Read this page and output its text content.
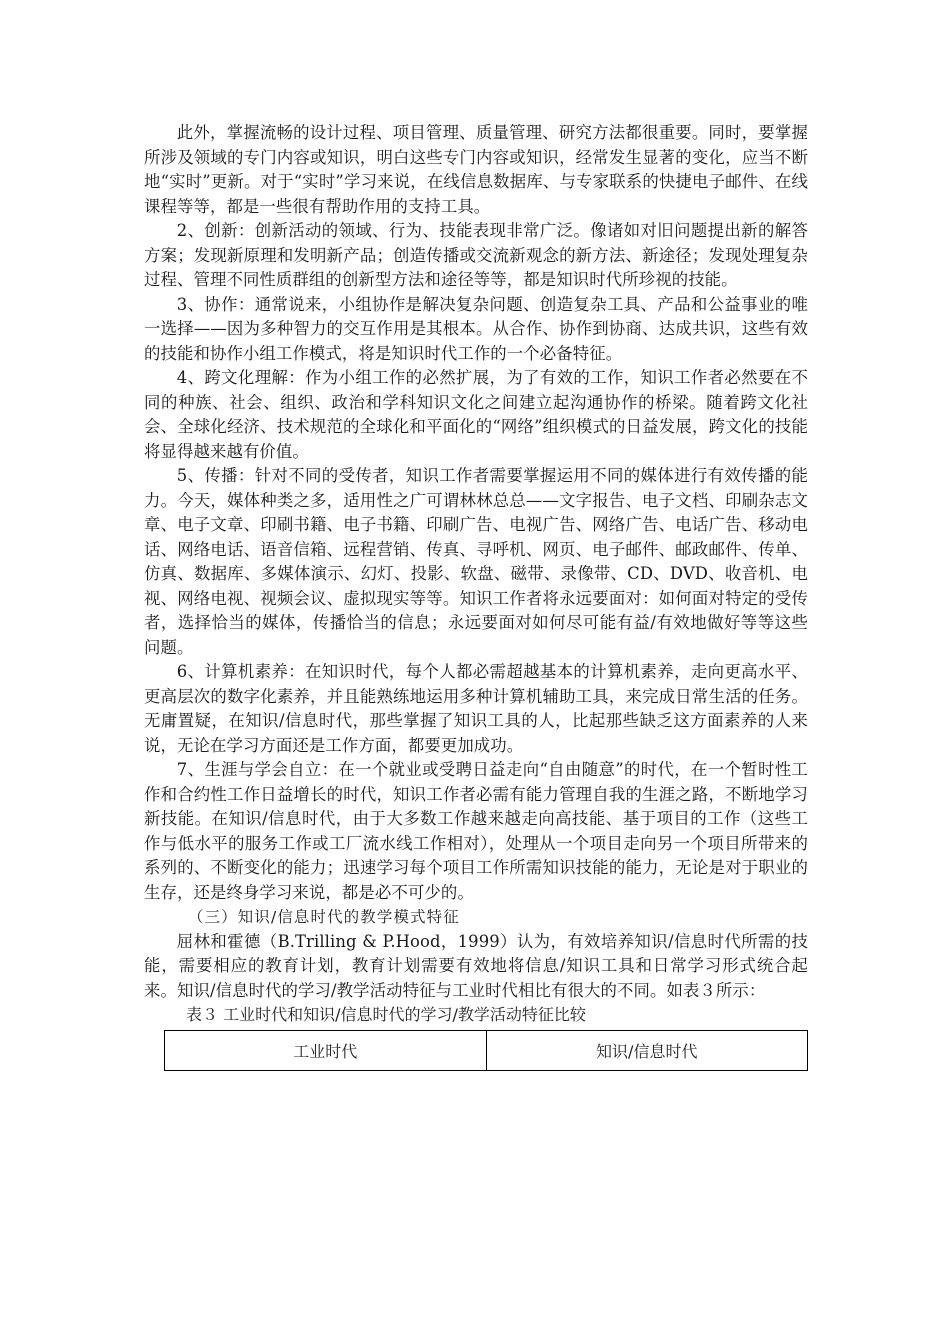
此外，掌握流畅的设计过程、项目管理、质量管理、研究方法都很重要。同时，要掌握所涉及领域的专门内容或知识，明白这些专门内容或知识，经常发生显著的变化，应当不断地“实时”更新。对于“实时”学习来说，在线信息数据库、与专家联系的快捷电子邮件、在线课程等等，都是一些很有帮助作用的支持工具。

2、创新：创新活动的领域、行为、技能表现非常广泛。像诸如对旧问题提出新的解答方案；发现新原理和发明新产品；创造传播或交流新观念的新方法、新途径；发现处理复杂过程、管理不同性质群组的创新型方法和途径等等，都是知识时代所珍视的技能。

3、协作：通常说来，小组协作是解决复杂问题、创造复杂工具、产品和公益事业的唯一选择——因为多种智力的交互作用是其根本。从合作、协作到协商、达成共识，这些有效的技能和协作小组工作模式，将是知识时代工作的一个必备特征。

4、跨文化理解：作为小组工作的必然扩展，为了有效的工作，知识工作者必然要在不同的种族、社会、组织、政治和学科知识文化之间建立起沟通协作的桥梁。随着跨文化社会、全球化经济、技术规范的全球化和平面化的“网络”组织模式的日益发展，跨文化的技能将显得越来越有价值。

5、传播：针对不同的受传者，知识工作者需要掌握运用不同的媒体进行有效传播的能力。今天，媒体种类之多，适用性之广可谓林林总总——文字报告、电子文档、印刷杂志文章、电子文章、印刷书籍、电子书籍、印刷广告、电视广告、网络广告、电话广告、移动电话、网络电话、语音信箱、远程营销、传真、寻呼机、网页、电子邮件、邮政邮件、传单、仿真、数据库、多媒体演示、幻灯、投影、软盘、磁带、录像带、CD、DVD、收音机、电视、网络电视、视频会议、虚拟现实等等。知识工作者将永远要面对：如何面对特定的受传者，选择恰当的媒体，传播恰当的信息；永远要面对如何尽可能有益/有效地做好等等这些问题。

6、计算机素养：在知识时代，每个人都必需超越基本的计算机素养，走向更高水平、更高层次的数字化素养，并且能熟练地运用多种计算机辅助工具，来完成日常生活的任务。无庸置疑，在知识/信息时代，那些掌握了知识工具的人，比起那些缺乏这方面素养的人来说，无论在学习方面还是工作方面，都要更加成功。

7、生涯与学会自立：在一个就业或受聘日益走向“自由随意”的时代，在一个暂时性工作和合约性工作日益增长的时代，知识工作者必需有能力管理自我的生涯之路，不断地学习新技能。在知识/信息时代，由于大多数工作越来越走向高技能、基于项目的工作（这些工作与低水平的服务工作或工厂流水线工作相对），处理从一个项目走向另一个项目所带来的系列的、不断变化的能力；迅速学习每个项目工作所需知识技能的能力，无论是对于职业的生存，还是终身学习来说，都是必不可少的。

（三）知识/信息时代的教学模式特征

屈林和霍德（B.Trilling & P.Hood，1999）认为，有效培养知识/信息时代所需的技能，需要相应的教育计划，教育计划需要有效地将信息/知识工具和日常学习形式统合起来。知识/信息时代的学习/教学活动特征与工业时代相比有很大的不同。如表３所示：

表３ 工业时代和知识/信息时代的学习/教学活动特征比较

工业时代	知识/信息时代
